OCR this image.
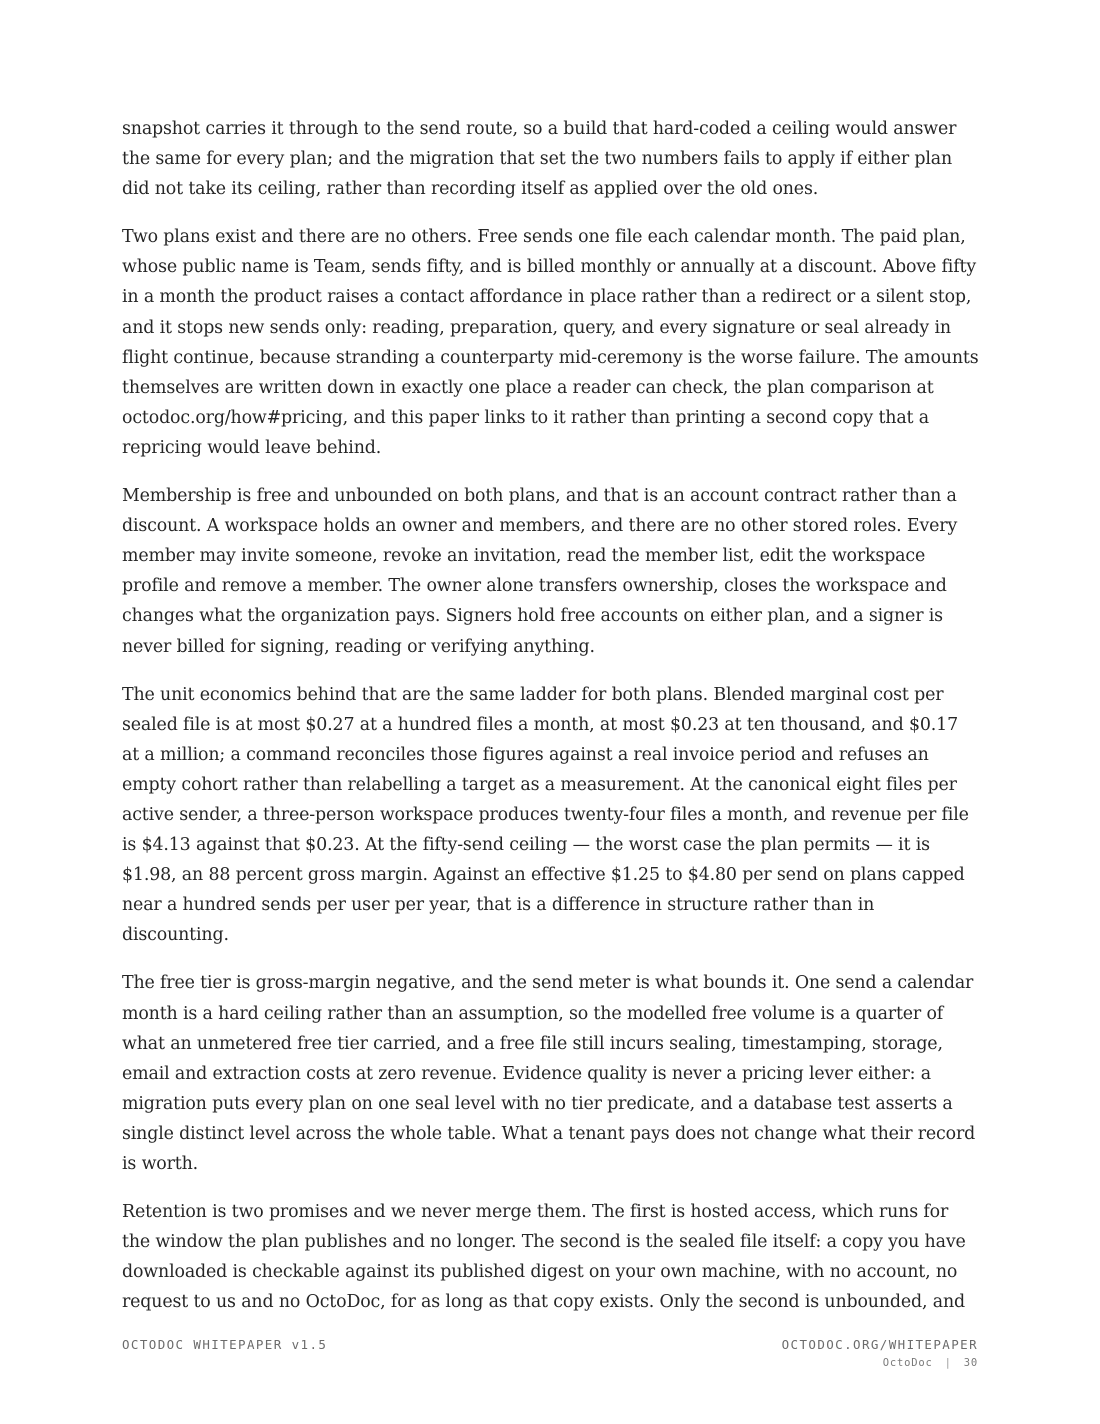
snapshot carries it through to the send route, so a build that hard-coded a ceiling would answer the same for every plan; and the migration that set the two numbers fails to apply if either plan did not take its ceiling, rather than recording itself as applied over the old ones.

Two plans exist and there are no others. Free sends one file each calendar month. The paid plan, whose public name is Team, sends fifty, and is billed monthly or annually at a discount. Above fifty in a month the product raises a contact affordance in place rather than a redirect or a silent stop, and it stops new sends only: reading, preparation, query, and every signature or seal already in flight continue, because stranding a counterparty mid-ceremony is the worse failure. The amounts themselves are written down in exactly one place a reader can check, the plan comparison at octodoc.org/how#pricing, and this paper links to it rather than printing a second copy that a repricing would leave behind.

Membership is free and unbounded on both plans, and that is an account contract rather than a discount. A workspace holds an owner and members, and there are no other stored roles. Every member may invite someone, revoke an invitation, read the member list, edit the workspace profile and remove a member. The owner alone transfers ownership, closes the workspace and changes what the organization pays. Signers hold free accounts on either plan, and a signer is never billed for signing, reading or verifying anything.

The unit economics behind that are the same ladder for both plans. Blended marginal cost per sealed file is at most $0.27 at a hundred files a month, at most $0.23 at ten thousand, and $0.17 at a million; a command reconciles those figures against a real invoice period and refuses an empty cohort rather than relabelling a target as a measurement. At the canonical eight files per active sender, a three-person workspace produces twenty-four files a month, and revenue per file is $4.13 against that $0.23. At the fifty-send ceiling — the worst case the plan permits — it is $1.98, an 88 percent gross margin. Against an effective $1.25 to $4.80 per send on plans capped near a hundred sends per user per year, that is a difference in structure rather than in discounting.

The free tier is gross-margin negative, and the send meter is what bounds it. One send a calendar month is a hard ceiling rather than an assumption, so the modelled free volume is a quarter of what an unmetered free tier carried, and a free file still incurs sealing, timestamping, storage, email and extraction costs at zero revenue. Evidence quality is never a pricing lever either: a migration puts every plan on one seal level with no tier predicate, and a database test asserts a single distinct level across the whole table. What a tenant pays does not change what their record is worth.

Retention is two promises and we never merge them. The first is hosted access, which runs for the window the plan publishes and no longer. The second is the sealed file itself: a copy you have downloaded is checkable against its published digest on your own machine, with no account, no request to us and no OctoDoc, for as long as that copy exists. Only the second is unbounded, and

OCTODOC WHITEPAPER v1.5	OCTODOC.ORG/WHITEPAPER
OctoDoc | 30
